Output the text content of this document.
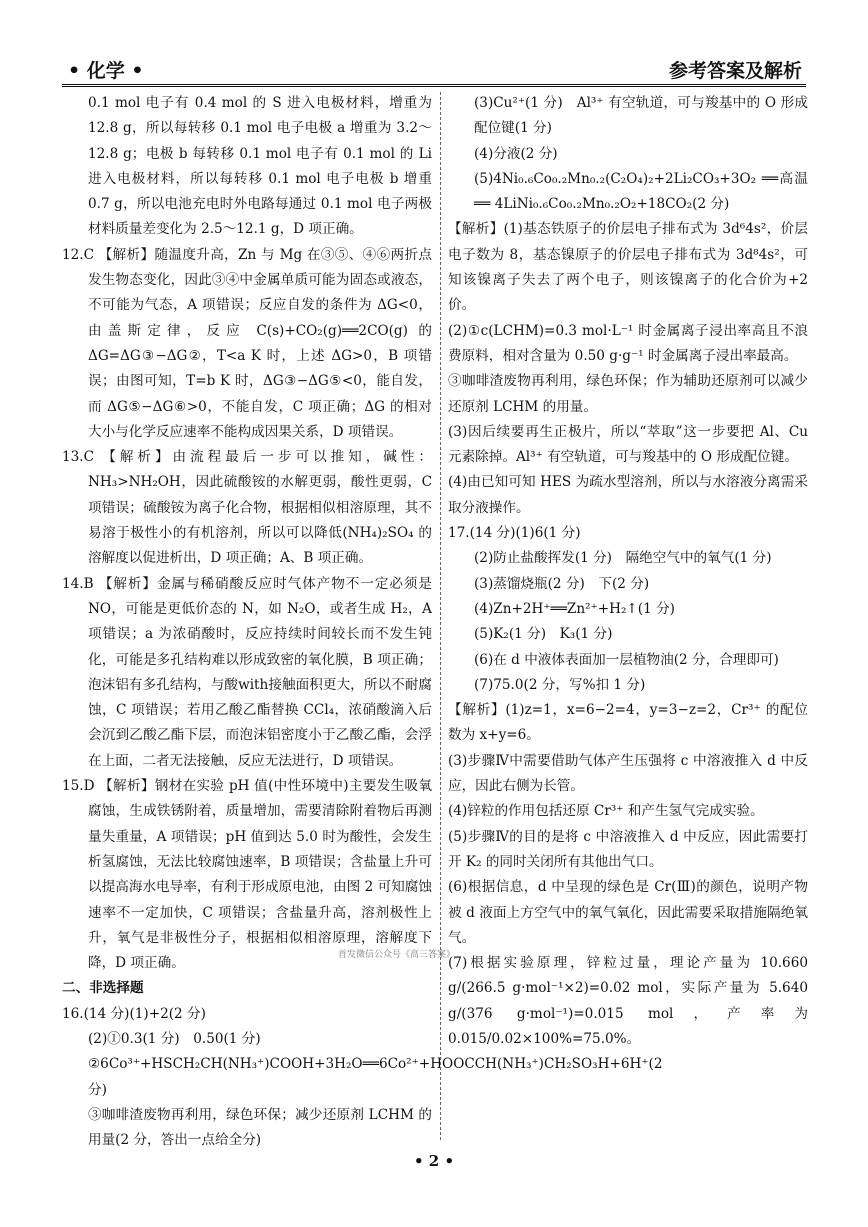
• 化学 •	参考答案及解析

0.1 mol 电子有 0.4 mol 的 S 进入电极材料，增重为 12.8 g，所以每转移 0.1 mol 电子电极 a 增重为 3.2～12.8 g；电极 b 每转移 0.1 mol 电子有 0.1 mol 的 Li 进入电极材料，所以每转移 0.1 mol 电子电极 b 增重 0.7 g，所以电池充电时外电路每通过 0.1 mol 电子两极材料质量差变化为 2.5～12.1 g，D 项正确。

12.C 【解析】随温度升高，Zn 与 Mg 在③⑤、④⑥两折点发生物态变化，因此③④中金属单质可能为固态或液态，不可能为气态，A 项错误；反应自发的条件为 ΔG<0，由盖斯定律，反应 C(s)+CO₂(g)══2CO(g) 的 ΔG=ΔG③−ΔG②，T<a K 时，上述 ΔG>0，B 项错误；由图可知，T=b K 时，ΔG③−ΔG⑤<0，能自发，而 ΔG⑤−ΔG⑥>0，不能自发，C 项正确；ΔG 的相对大小与化学反应速率不能构成因果关系，D 项错误。

13.C 【解析】由流程最后一步可以推知，碱性：NH₃>NH₂OH，因此硫酸铵的水解更弱，酸性更弱，C 项错误；硫酸铵为离子化合物，根据相似相溶原理，其不易溶于极性小的有机溶剂，所以可以降低(NH₄)₂SO₄ 的溶解度以促进析出，D 项正确；A、B 项正确。

14.B 【解析】金属与稀硝酸反应时气体产物不一定必须是 NO，可能是更低价态的 N，如 N₂O，或者生成 H₂，A 项错误；a 为浓硝酸时，反应持续时间较长而不发生钝化，可能是多孔结构难以形成致密的氧化膜，B 项正确；泡沫铝有多孔结构，与酸with接触面积更大，所以不耐腐蚀，C 项错误；若用乙酸乙酯替换 CCl₄，浓硝酸滴入后会沉到乙酸乙酯下层，而泡沫铝密度小于乙酸乙酯，会浮在上面，二者无法接触，反应无法进行，D 项错误。

15.D 【解析】钢材在实验 pH 值(中性环境中)主要发生吸氧腐蚀，生成铁锈附着，质量增加，需要清除附着物后再测量失重量，A 项错误；pH 值到达 5.0 时为酸性，会发生析氢腐蚀，无法比较腐蚀速率，B 项错误；含盐量上升可以提高海水电导率，有利于形成原电池，由图 2 可知腐蚀速率不一定加快，C 项错误；含盐量升高，溶剂极性上升，氧气是非极性分子，根据相似相溶原理，溶解度下降，D 项正确。

二、非选择题

16.(14 分)(1)+2(2 分)

(2)①0.3(1 分)　0.50(1 分)

②6Co³⁺+HSCH₂CH(NH₃⁺)COOH+3H₂O══6Co²⁺+HOOCCH(NH₃⁺)CH₂SO₃H+6H⁺(2 分)

③咖啡渣废物再利用，绿色环保；减少还原剂 LCHM 的用量(2 分，答出一点给全分)

(3)Cu²⁺(1 分)　Al³⁺ 有空轨道，可与羧基中的 O 形成配位键(1 分)

(4)分液(2 分)

(5)4Ni₀.₆Co₀.₂Mn₀.₂(C₂O₄)₂+2Li₂CO₃+3O₂ ══高温══ 4LiNi₀.₆Co₀.₂Mn₀.₂O₂+18CO₂(2 分)

【解析】(1)基态铁原子的价层电子排布式为 3d⁶4s²，价层电子数为 8，基态镍原子的价层电子排布式为 3d⁸4s²，可知该镍离子失去了两个电子，则该镍离子的化合价为+2 价。

(2)①c(LCHM)=0.3 mol·L⁻¹ 时金属离子浸出率高且不浪费原料，相对含量为 0.50 g·g⁻¹ 时金属离子浸出率最高。

③咖啡渣废物再利用，绿色环保；作为辅助还原剂可以减少还原剂 LCHM 的用量。

(3)因后续要再生正极片，所以“萃取”这一步要把 Al、Cu 元素除掉。Al³⁺ 有空轨道，可与羧基中的 O 形成配位键。

(4)由已知可知 HES 为疏水型溶剂，所以与水溶液分离需采取分液操作。

17.(14 分)(1)6(1 分)

(2)防止盐酸挥发(1 分)　隔绝空气中的氧气(1 分)

(3)蒸馏烧瓶(2 分)　下(2 分)

(4)Zn+2H⁺══Zn²⁺+H₂↑(1 分)

(5)K₂(1 分)　K₃(1 分)

(6)在 d 中液体表面加一层植物油(2 分，合理即可)

(7)75.0(2 分，写%扣 1 分)

【解析】(1)z=1，x=6−2=4，y=3−z=2，Cr³⁺ 的配位数为 x+y=6。

(3)步骤Ⅳ中需要借助气体产生压强将 c 中溶液推入 d 中反应，因此右侧为长管。

(4)锌粒的作用包括还原 Cr³⁺ 和产生氢气完成实验。

(5)步骤Ⅳ的目的是将 c 中溶液推入 d 中反应，因此需要打开 K₂ 的同时关闭所有其他出气口。

(6)根据信息，d 中呈现的绿色是 Cr(Ⅲ)的颜色，说明产物被 d 液面上方空气中的氧气氧化，因此需要采取措施隔绝氧气。

(7)根据实验原理，锌粒过量，理论产量为 10.660 g/(266.5 g·mol⁻¹×2)=0.02 mol，实际产量为 5.640 g/(376 g·mol⁻¹)=0.015 mol，产率为 0.015/0.02×100%=75.0%。

首发微信公众号《高三答案》
• 2 •
